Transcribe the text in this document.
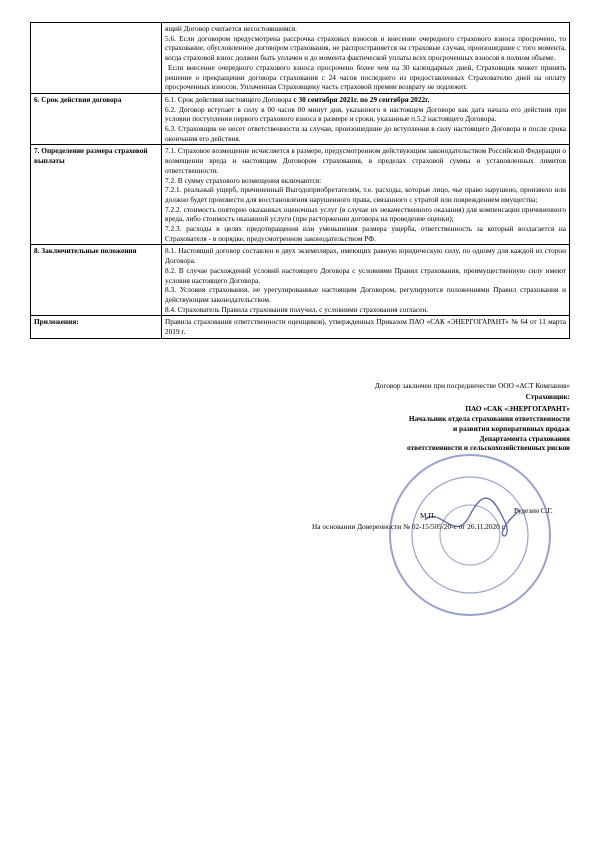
	ящий Договор считается несостоявшимся.

5.6. Если договором предусмотрена рассрочка страховых взносов и внесение очередного страхового взноса просрочено, то страхование, обусловленное договором страхования, не распространяется на страховые случаи, произошедшие с того момента, когда страховой взнос должен быть уплачен и до момента фактической уплаты всех просроченных взносов в полном объеме.

Если внесение очередного страхового взноса просрочено более чем на 30 календарных дней, Страховщик может принять решение о прекращении договора страхования с 24 часов последнего из предоставленных Страхователю дней на оплату просроченных взносов. Уплаченная Страховщику часть страховой премии возврату не подлежит.

6. Срок действия договора	6.1. Срок действия настоящего Договора с 30 сентября 2021г. по 29 сентября 2022г.

6.2. Договор вступает в силу в 00 часов 00 минут дня, указанного в настоящем Договоре как дата начала его действия при условии поступления первого страхового взноса в размере и сроки, указанные п.5.2 настоящего Договора.

6.3. Страховщик не несет ответственности за случаи, произошедшие до вступления в силу настоящего Договора и после срока окончания его действия.

7. Определение размера страховой выплаты	7.1. Страховое возмещение исчисляется в размере, предусмотренном действующим законодательством Российской Федерации о возмещении вреда и настоящим Договором страхования, в пределах страховой суммы и установленных лимитов ответственности.

7.2. В сумму страхового возмещения включаются:

7.2.1. реальный ущерб, причиненный Выгодоприобретателям, т.е. расходы, которые лицо, чье право нарушено, произвело или должно будет произвести для восстановления нарушенного права, связанного с утратой или повреждением имущества;

7.2.2. стоимость повторно оказанных оценочных услуг (в случае их некачественного оказания) для компенсации причиненного вреда, либо стоимость оказанной услуги (при расторжении договора на проведение оценки);

7.2.3. расходы в целях предотвращения или уменьшения размера ущерба, ответственность за который возлагается на Страхователя - в порядке, предусмотренном законодательством РФ.

8. Заключительные положения	8.1. Настоящий договор составлен в двух экземплярах, имеющих равную юридическую силу, по одному для каждой из сторон Договора.

8.2. В случае расхождений условий настоящего Договора с условиями Правил страхования, преимущественную силу имеют условия настоящего Договора.

8.3. Условия страхования, не урегулированные настоящим Договором, регулируются положениями Правил страхования и действующим законодательством.

8.4. Страхователь Правила страхования получил, с условиями страхования согласен.

Приложения:	Правила страхования ответственности оценщиков), утвержденных Приказом ПАО «САК «ЭНЕРГОГАРАНТ» № 64 от 11 марта 2019 г.

Договор заключен при посредничестве ООО «АСТ Компания»

Страховщик:

ПАО «САК «ЭНЕРГОГАРАНТ»

Начальник отдела страхования ответственности

и развития корпоративных продаж

Департамента страхования

ответственности и сельскохозяйственных рисков

Рудезин С.Г.
М.П.
На основании Доверенности № 02-15/505/20-с от 26.11.2020 г.
